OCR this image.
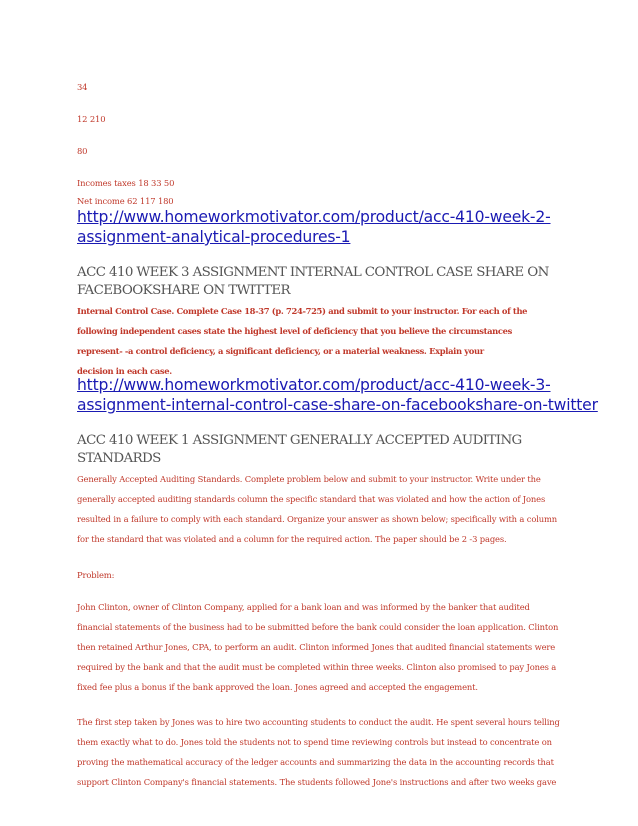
34
12 210
80
Incomes taxes 18 33 50
Net income 62 117 180
http://www.homeworkmotivator.com/product/acc-410-week-2-
assignment-analytical-procedures-1
ACC 410 WEEK 3 ASSIGNMENT INTERNAL CONTROL CASE SHARE ON
FACEBOOKSHARE ON TWITTER
Internal Control Case. Complete Case 18-37 (p. 724-725) and submit to your instructor. For each of the
following independent cases state the highest level of deficiency that you believe the circumstances
represent- -a control deficiency, a significant deficiency, or a material weakness. Explain your
decision in each case.
http://www.homeworkmotivator.com/product/acc-410-week-3-
assignment-internal-control-case-share-on-facebookshare-on-twitter
ACC 410 WEEK 1 ASSIGNMENT GENERALLY ACCEPTED AUDITING
STANDARDS
Generally Accepted Auditing Standards. Complete problem below and submit to your instructor. Write under the
generally accepted auditing standards column the specific standard that was violated and how the action of Jones
resulted in a failure to comply with each standard. Organize your answer as shown below; specifically with a column
for the standard that was violated and a column for the required action. The paper should be 2 -3 pages.
Problem:
John Clinton, owner of Clinton Company, applied for a bank loan and was informed by the banker that audited
financial statements of the business had to be submitted before the bank could consider the loan application. Clinton
then retained Arthur Jones, CPA, to perform an audit. Clinton informed Jones that audited financial statements were
required by the bank and that the audit must be completed within three weeks. Clinton also promised to pay Jones a
fixed fee plus a bonus if the bank approved the loan. Jones agreed and accepted the engagement.
The first step taken by Jones was to hire two accounting students to conduct the audit. He spent several hours telling
them exactly what to do. Jones told the students not to spend time reviewing controls but instead to concentrate on
proving the mathematical accuracy of the ledger accounts and summarizing the data in the accounting records that
support Clinton Company's financial statements. The students followed Jone's instructions and after two weeks gave
